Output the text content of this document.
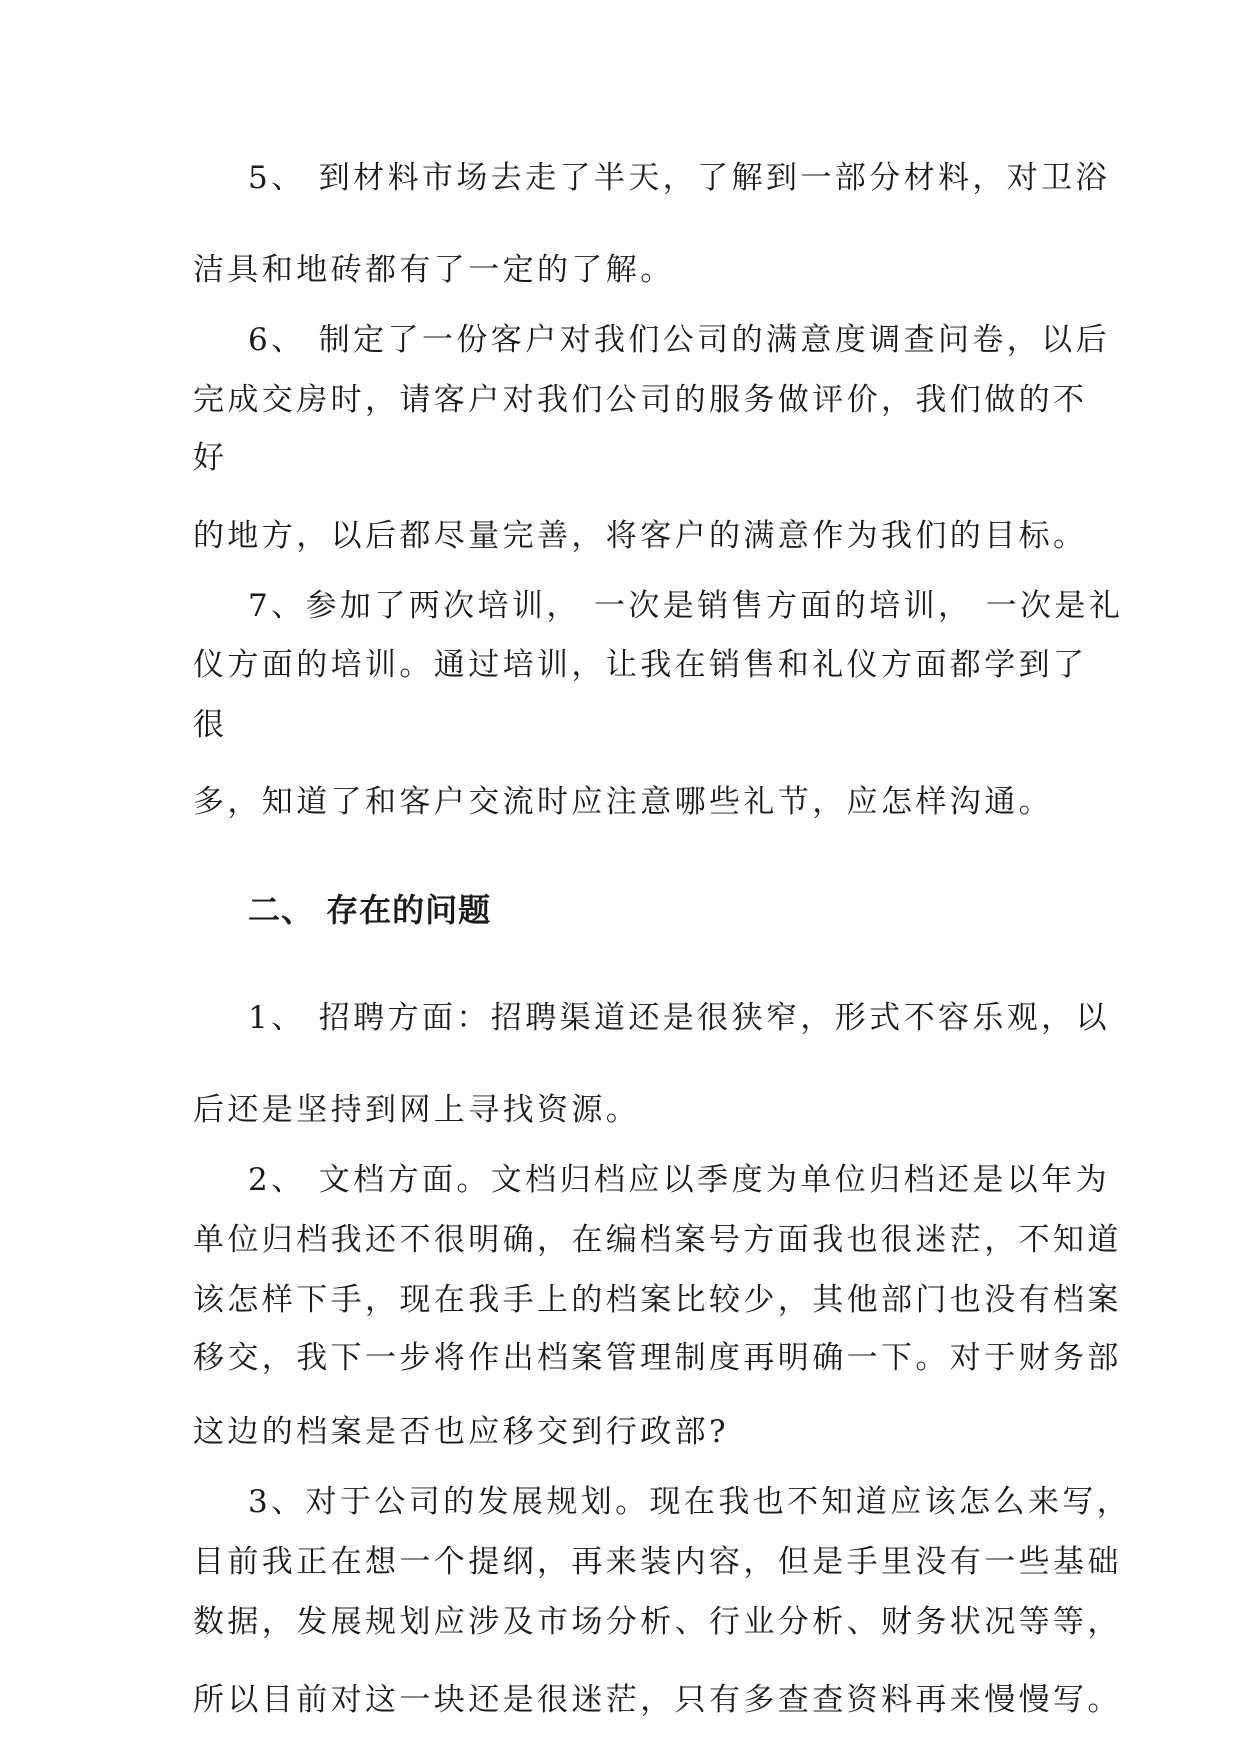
5、 到材料市场去走了半天，了解到一部分材料，对卫浴
洁具和地砖都有了一定的了解。
6、 制定了一份客户对我们公司的满意度调查问卷，以后
完成交房时，请客户对我们公司的服务做评价，我们做的不
好
的地方，以后都尽量完善，将客户的满意作为我们的目标。
7、参加了两次培训， 一次是销售方面的培训， 一次是礼
仪方面的培训。通过培训，让我在销售和礼仪方面都学到了
很
多，知道了和客户交流时应注意哪些礼节，应怎样沟通。
二、 存在的问题
1、 招聘方面：招聘渠道还是很狭窄，形式不容乐观，以
后还是坚持到网上寻找资源。
2、 文档方面。文档归档应以季度为单位归档还是以年为
单位归档我还不很明确，在编档案号方面我也很迷茫，不知道
该怎样下手，现在我手上的档案比较少，其他部门也没有档案
移交，我下一步将作出档案管理制度再明确一下。对于财务部
这边的档案是否也应移交到行政部?
3、对于公司的发展规划。现在我也不知道应该怎么来写，
目前我正在想一个提纲，再来装内容，但是手里没有一些基础
数据，发展规划应涉及市场分析、行业分析、财务状况等等，
所以目前对这一块还是很迷茫，只有多查查资料再来慢慢写。
